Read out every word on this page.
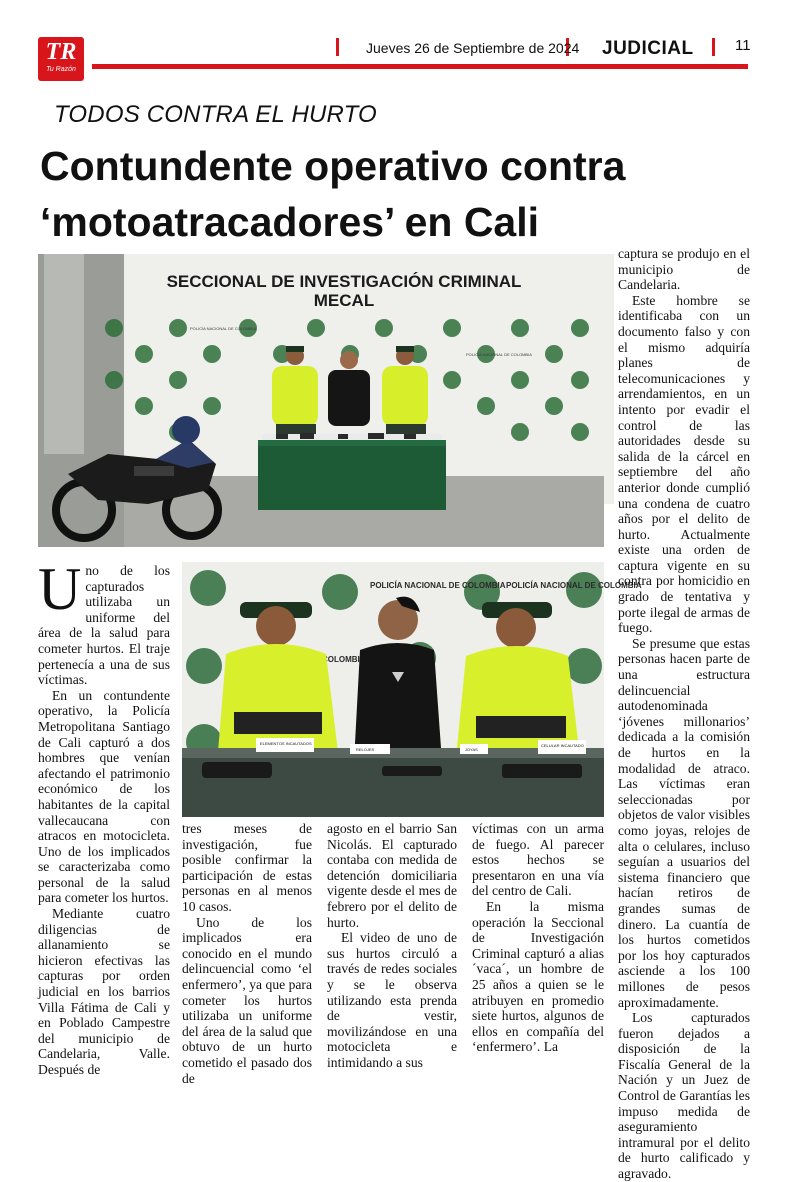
TR
Tu Razón
Jueves 26 de Septiembre de 2024 JUDICIAL	11
TODOS CONTRA EL HURTO
Contundente operativo contra ‘motoatracadores’ en Cali
SECCIONAL DE INVESTIGACIÓN CRIMINAL
MECAL
POLICÍA NACIONAL DE COLOMBIA
POLICÍA NACIONAL DE COLOMBIA
POLICÍA NACIONAL DE COLOMBIA POLICÍA NACIONAL DE COLOMBIA
COLOMBIA
ELEMENTOS INCAUTADOS
RELOJES	JOYAS
CELULAR INCAUTADO

captura se produjo en el municipio de Candelaria.

Este hombre se identificaba con un documento falso y con el mismo adquiría planes de telecomunicaciones y arrendamientos, en un intento por evadir el control de las autoridades desde su salida de la cárcel en septiembre del año anterior donde cumplió una condena de cuatro años por el delito de hurto. Actualmente existe una orden de captura vigente en su contra por homicidio en grado de tentativa y porte ilegal de armas de fuego.

Se presume que estas personas hacen parte de una estructura delincuencial autodenominada ‘jóvenes millonarios’ dedicada a la comisión de hurtos en la modalidad de atraco. Las víctimas eran seleccionadas por objetos de valor visibles como joyas, relojes de alta o celulares, incluso seguían a usuarios del sistema financiero que hacían retiros de grandes sumas de dinero. La cuantía de los hurtos cometidos por los hoy capturados asciende a los 100 millones de pesos aproximadamente.

Los capturados fueron dejados a disposición de la Fiscalía General de la Nación y un Juez de Control de Garantías les impuso medida de aseguramiento intramural por el delito de hurto calificado y agravado.

Uno de los capturados utilizaba un uniforme del área de la salud para cometer hurtos. El traje pertenecía a una de sus víctimas.

En un contundente operativo, la Policía Metropolitana Santiago de Cali capturó a dos hombres que venían afectando el patrimonio económico de los habitantes de la capital vallecaucana con atracos en motocicleta. Uno de los implicados se caracterizaba como personal de la salud para cometer los hurtos.

Mediante cuatro diligencias de allanamiento se hicieron efectivas las capturas por orden judicial en los barrios Villa Fátima de Cali y en Poblado Campestre del municipio de Candelaria, Valle. Después de

tres meses de investigación, fue posible confirmar la participación de estas personas en al menos 10 casos.

Uno de los implicados era conocido en el mundo delincuencial como ‘el enfermero’, ya que para cometer los hurtos utilizaba un uniforme del área de la salud que obtuvo de un hurto cometido el pasado dos de

agosto en el barrio San Nicolás. El capturado contaba con medida de detención domiciliaria vigente desde el mes de febrero por el delito de hurto.

El video de uno de sus hurtos circuló a través de redes sociales y se le observa utilizando esta prenda de vestir, movilizándose en una motocicleta e intimidando a sus

víctimas con un arma de fuego. Al parecer estos hechos se presentaron en una vía del centro de Cali.

En la misma operación la Seccional de Investigación Criminal capturó a alias ´vaca´, un hombre de 25 años a quien se le atribuyen en promedio siete hurtos, algunos de ellos en compañía del ‘enfermero’. La
